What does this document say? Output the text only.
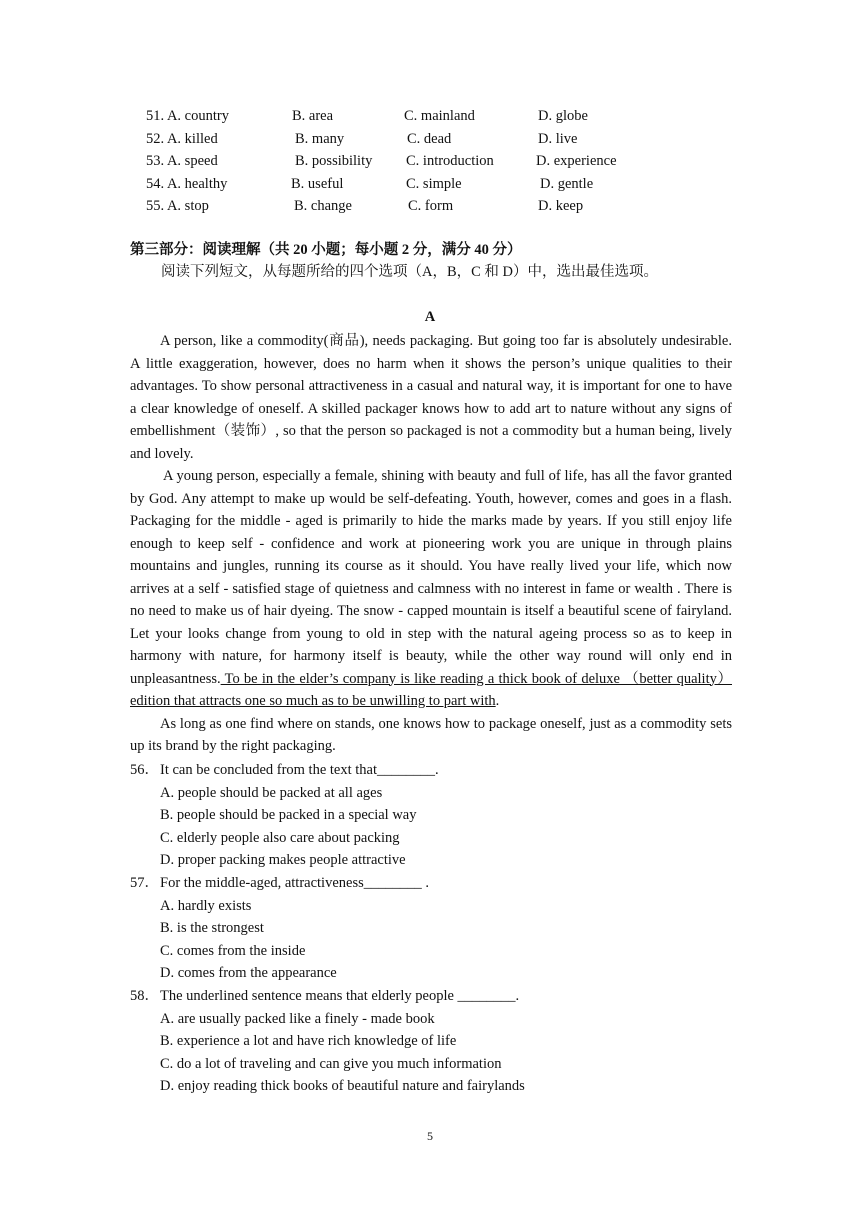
51. A. country	B. area	C. mainland	D. globe
52. A. killed	B. many	C. dead	D. live
53. A. speed	B. possibility C. introduction	D. experience
54. A. healthy	B. useful	C. simple	D. gentle
55. A. stop	B. change	C. form	D. keep
第三部分：阅读理解（共 20 小题；每小题 2 分，满分 40 分）
阅读下列短文，从每题所给的四个选项（A，B，C 和 D）中，选出最佳选项。
A

A person, like a commodity(商品), needs packaging. But going too far is absolutely undesirable. A little exaggeration, however, does no harm when it shows the person’s unique qualities to their advantages. To show personal attractiveness in a casual and natural way, it is important for one to have a clear knowledge of oneself. A skilled packager knows how to add art to nature without any signs of embellishment（装饰）, so that the person so packaged is not a commodity but a human being, lively and lovely.

A young person, especially a female, shining with beauty and full of life, has all the favor granted by God. Any attempt to make up would be self-defeating. Youth, however, comes and goes in a flash. Packaging for the middle - aged is primarily to hide the marks made by years. If you still enjoy life enough to keep self - confidence and work at pioneering work you are unique in through plains mountains and jungles, running its course as it should. You have really lived your life, which now arrives at a self - satisfied stage of quietness and calmness with no interest in fame or wealth . There is no need to make us of hair dyeing. The snow - capped mountain is itself a beautiful scene of fairyland. Let your looks change from young to old in step with the natural ageing process so as to keep in harmony with nature, for harmony itself is beauty, while the other way round will only end in unpleasantness. To be in the elder’s company is like reading a thick book of deluxe （better quality）edition that attracts one so much as to be unwilling to part with.

As long as one find where on stands, one knows how to package oneself, just as a commodity sets up its brand by the right packaging.

56．It can be concluded from the text that________.
A. people should be packed at all ages
B. people should be packed in a special way
C. elderly people also care about packing
D. proper packing makes people attractive
57．For the middle-aged, attractiveness________ .
A. hardly exists
B. is the strongest
C. comes from the inside
D. comes from the appearance
58．The underlined sentence means that elderly people ________.
A. are usually packed like a finely - made book
B. experience a lot and have rich knowledge of life
C. do a lot of traveling and can give you much information
D. enjoy reading thick books of beautiful nature and fairylands
5
